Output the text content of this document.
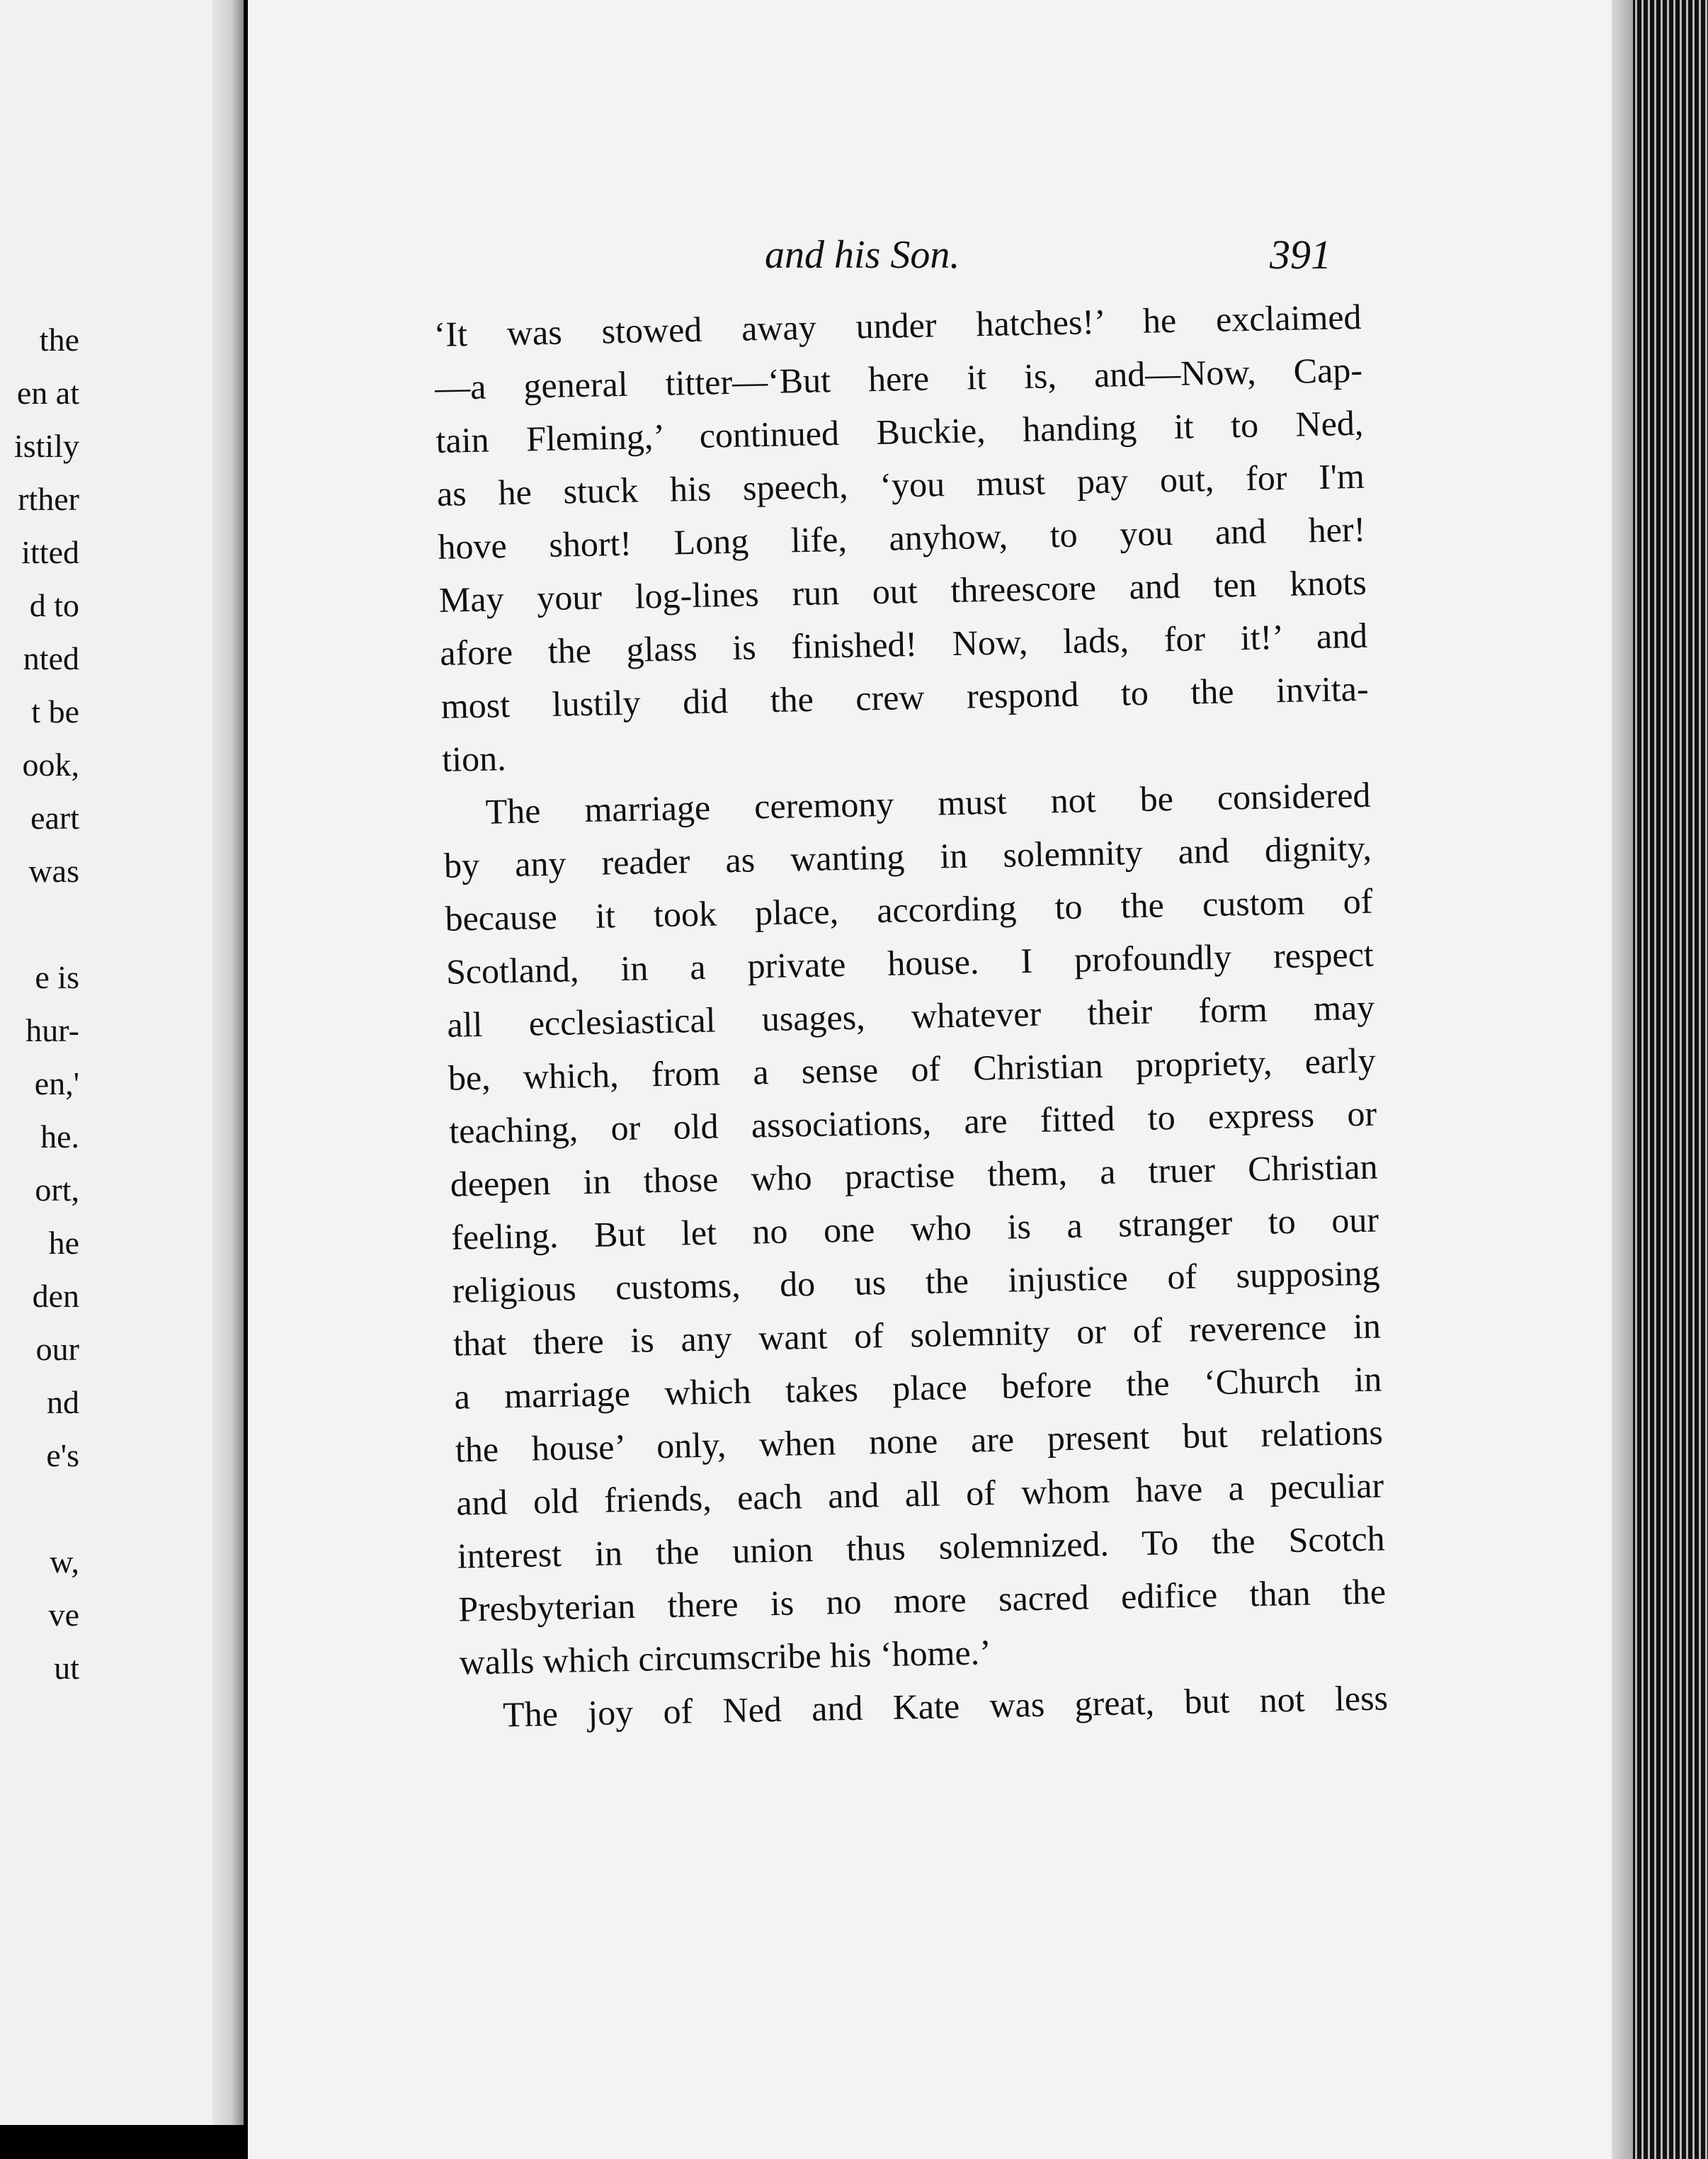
the
en at
istily
rther
itted
d to
nted
t be
ook,
eart
was
e is
hur-
en,'
he.
ort,
he
den
our
nd
e's
w,
ve
ut
and his Son.	391
‘It was stowed away under hatches!’ he exclaimed
—a general titter—‘But here it is, and—Now, Cap-
tain Fleming,’ continued Buckie, handing it to Ned,
as he stuck his speech, ‘you must pay out, for I'm
hove short! Long life, anyhow, to you and her!
May your log-lines run out threescore and ten knots
afore the glass is finished! Now, lads, for it!’ and
most lustily did the crew respond to the invita-
tion.
The marriage ceremony must not be considered
by any reader as wanting in solemnity and dignity,
because it took place, according to the custom of
Scotland, in a private house. I profoundly respect
all ecclesiastical usages, whatever their form may
be, which, from a sense of Christian propriety, early
teaching, or old associations, are fitted to express or
deepen in those who practise them, a truer Christian
feeling. But let no one who is a stranger to our
religious customs, do us the injustice of supposing
that there is any want of solemnity or of reverence in
a marriage which takes place before the ‘Church in
the house’ only, when none are present but relations
and old friends, each and all of whom have a peculiar
interest in the union thus solemnized. To the Scotch
Presbyterian there is no more sacred edifice than the
walls which circumscribe his ‘home.’
The joy of Ned and Kate was great, but not less
